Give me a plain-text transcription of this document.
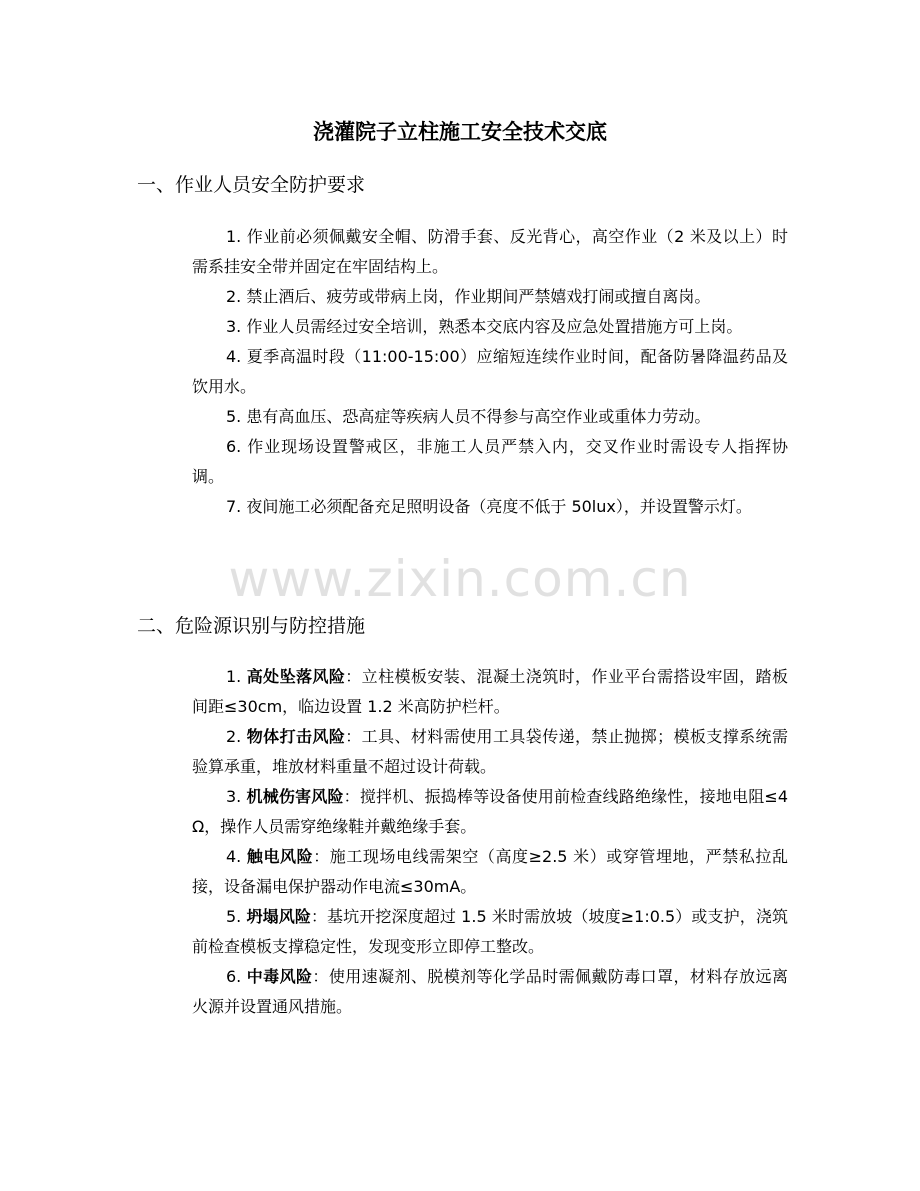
浇灌院子立柱施工安全技术交底
一、作业人员安全防护要求

1. 作业前必须佩戴安全帽、防滑手套、反光背心，高空作业（2 米及以上）时需系挂安全带并固定在牢固结构上。

2. 禁止酒后、疲劳或带病上岗，作业期间严禁嬉戏打闹或擅自离岗。

3. 作业人员需经过安全培训，熟悉本交底内容及应急处置措施方可上岗。

4. 夏季高温时段（11:00-15:00）应缩短连续作业时间，配备防暑降温药品及饮用水。

5. 患有高血压、恐高症等疾病人员不得参与高空作业或重体力劳动。

6. 作业现场设置警戒区，非施工人员严禁入内，交叉作业时需设专人指挥协调。

7. 夜间施工必须配备充足照明设备（亮度不低于 50lux），并设置警示灯。

www.zixin.com.cn
二、危险源识别与防控措施

1. 高处坠落风险：立柱模板安装、混凝土浇筑时，作业平台需搭设牢固，踏板间距≤30cm，临边设置 1.2 米高防护栏杆。

2. 物体打击风险：工具、材料需使用工具袋传递，禁止抛掷；模板支撑系统需验算承重，堆放材料重量不超过设计荷载。

3. 机械伤害风险：搅拌机、振捣棒等设备使用前检查线路绝缘性，接地电阻≤4Ω，操作人员需穿绝缘鞋并戴绝缘手套。

4. 触电风险：施工现场电线需架空（高度≥2.5 米）或穿管埋地，严禁私拉乱接，设备漏电保护器动作电流≤30mA。

5. 坍塌风险：基坑开挖深度超过 1.5 米时需放坡（坡度≥1:0.5）或支护，浇筑前检查模板支撑稳定性，发现变形立即停工整改。

6. 中毒风险：使用速凝剂、脱模剂等化学品时需佩戴防毒口罩，材料存放远离火源并设置通风措施。
